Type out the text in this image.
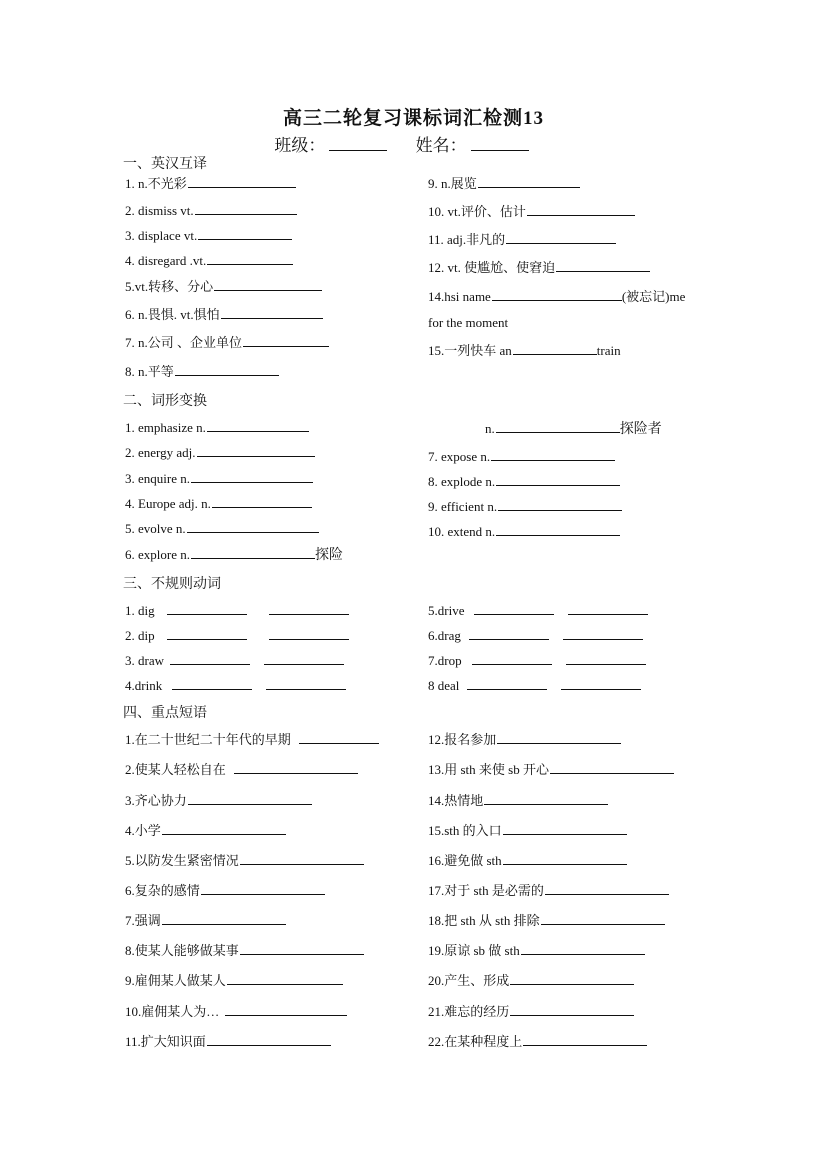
高三二轮复习课标词汇检测13
班级：	姓名：
一、英汉互译
1. n.不光彩
2. dismiss vt.
3. displace vt.
4. disregard .vt.
5.vt.转移、分心
6. n.畏惧. vt.惧怕
7. n.公司 、企业单位
8. n.平等
9. n.展览
10. vt.评价、估计
11. adj.非凡的
12. vt. 使尴尬、使窘迫
14.hsi name	(被忘记)me
for the moment
15.一列快车 an	train
二、词形变换
1. emphasize n.
2. energy adj.
3. enquire n.
4. Europe adj. n.
5. evolve n.
6. explore n.	探险
n.	探险者
7. expose n.
8. explode n.
9. efficient n.
10. extend n.
三、不规则动词
1. dig
2. dip
3. draw
4.drink
5.drive
6.drag
7.drop
8 deal
四、重点短语
1.在二十世纪二十年代的早期
2.使某人轻松自在
3.齐心协力
4.小学
5.以防发生紧密情况
6.复杂的感情
7.强调
8.使某人能够做某事
9.雇佣某人做某人
10.雇佣某人为…
11.扩大知识面
12.报名参加
13.用 sth 来使 sb 开心
14.热情地
15.sth 的入口
16.避免做 sth
17.对于 sth 是必需的
18.把 sth 从 sth 排除
19.原谅 sb 做 sth
20.产生、形成
21.难忘的经历
22.在某种程度上
